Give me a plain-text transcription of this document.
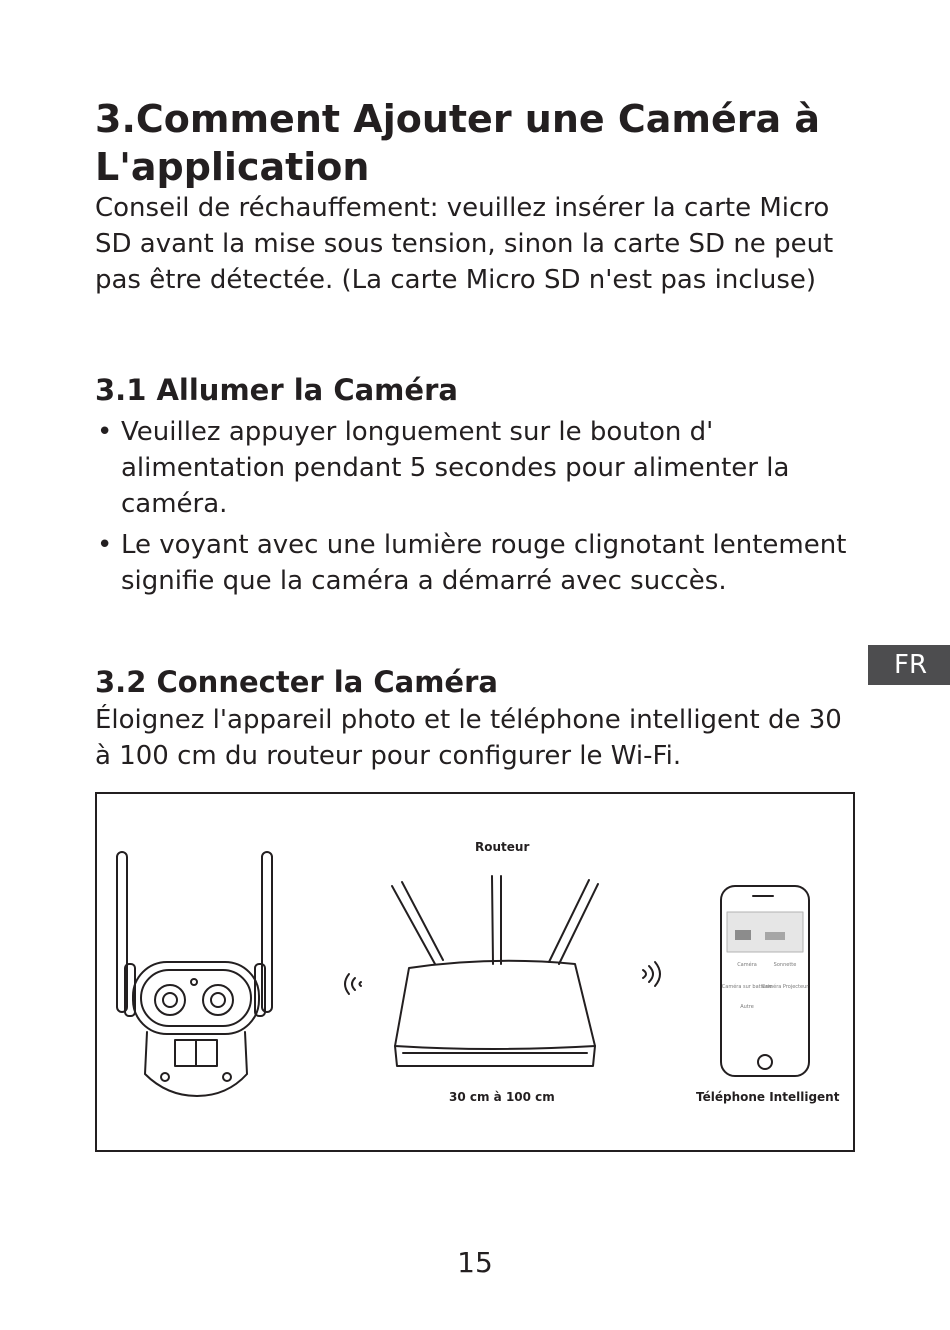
3.Comment Ajouter une Caméra à L'application

Conseil de réchauffement: veuillez insérer la carte Micro SD avant la mise sous tension, sinon la carte SD ne peut pas être détectée. (La carte Micro SD n'est pas incluse)

3.1 Allumer la Caméra
• Veuillez appuyer longuement sur le bouton d' alimentation pendant 5 secondes pour alimenter la caméra.
• Le voyant avec une lumière rouge clignotant lentement signifie que la caméra a démarré avec succès.
FR
3.2 Connecter la Caméra

Éloignez l'appareil photo et le téléphone intelligent de 30 à 100 cm du routeur pour configurer le Wi-Fi.

Caméra	Sonnette
Caméra sur batterie
Caméra Projecteur
Autre
Routeur
30 cm à 100 cm	Téléphone Intelligent
15
